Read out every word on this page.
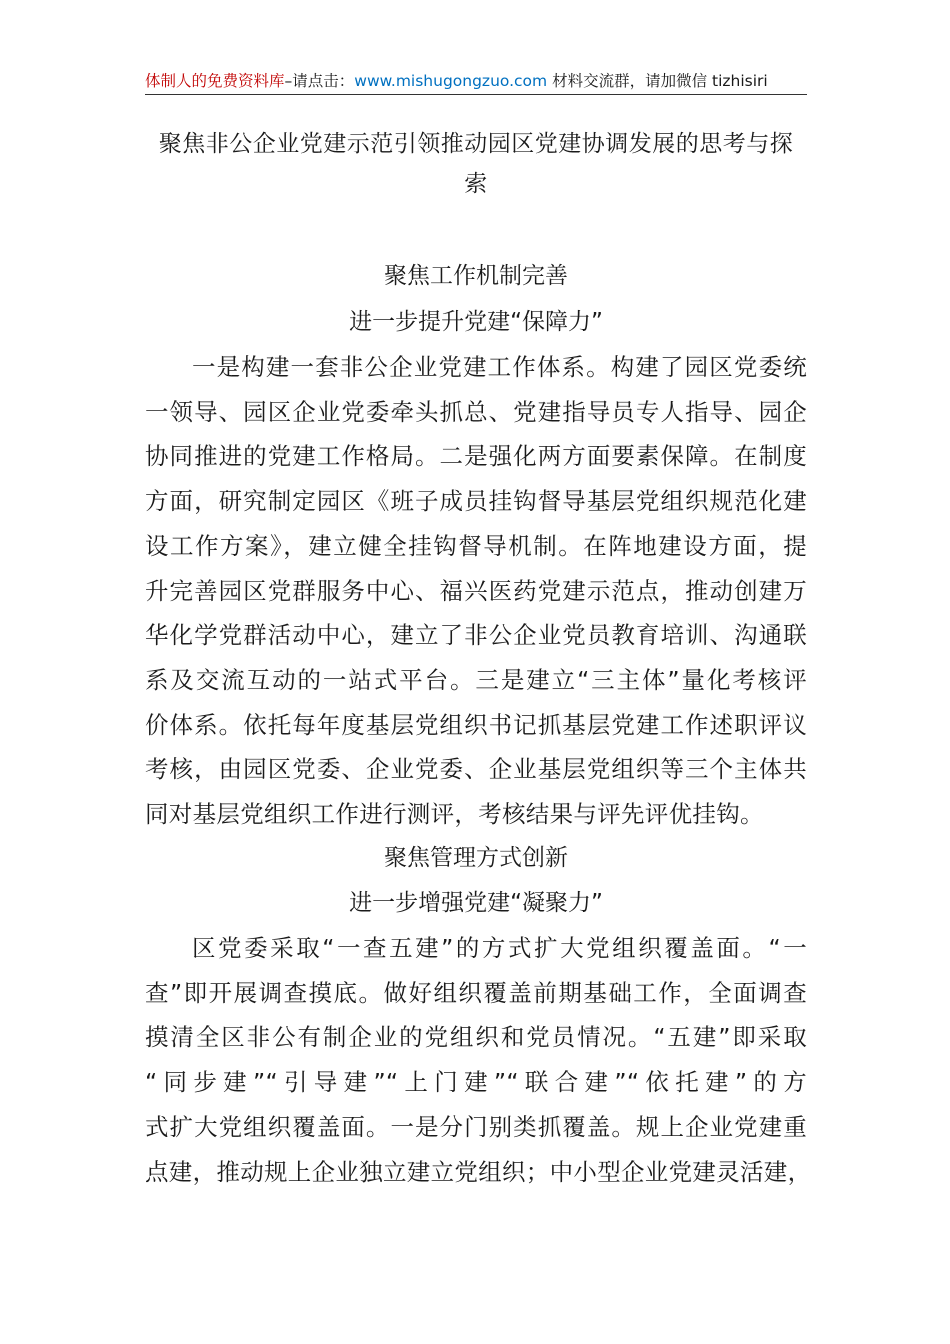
体制人的免费资料库–请点击：www.mishugongzuo.com 材料交流群，请加微信 tizhisiri
聚焦非公企业党建示范引领推动园区党建协调发展的思考与探
索
聚焦工作机制完善
进一步提升党建“保障力”
一是构建一套非公企业党建工作体系。构建了园区党委统
一领导、园区企业党委牵头抓总、党建指导员专人指导、园企
协同推进的党建工作格局。二是强化两方面要素保障。在制度
方面，研究制定园区《班子成员挂钩督导基层党组织规范化建
设工作方案》，建立健全挂钩督导机制。在阵地建设方面，提
升完善园区党群服务中心、福兴医药党建示范点，推动创建万
华化学党群活动中心，建立了非公企业党员教育培训、沟通联
系及交流互动的一站式平台。三是建立“三主体”量化考核评
价体系。依托每年度基层党组织书记抓基层党建工作述职评议
考核，由园区党委、企业党委、企业基层党组织等三个主体共
同对基层党组织工作进行测评，考核结果与评先评优挂钩。
聚焦管理方式创新
进一步增强党建“凝聚力”
区党委采取“一查五建”的方式扩大党组织覆盖面。“一
查”即开展调查摸底。做好组织覆盖前期基础工作，全面调查
摸清全区非公有制企业的党组织和党员情况。“五建”即采取
“同步建”“引导建”“上门建”“联合建”“依托建”的方
式扩大党组织覆盖面。一是分门别类抓覆盖。规上企业党建重
点建，推动规上企业独立建立党组织；中小型企业党建灵活建，
